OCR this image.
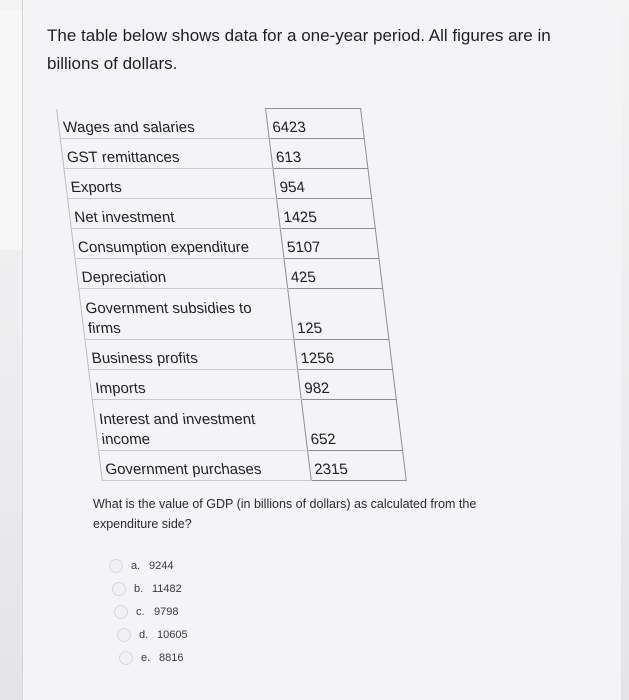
The table below shows data for a one-year period. All figures are in billions of dollars.
Wages and salaries	6423
GST remittances	613
Exports	954
Net investment	1425
Consumption expenditure	5107
Depreciation	425

Government subsidies to firms	125
Business profits	1256
Imports	982

Interest and investment income	652
Government purchases	2315
What is the value of GDP (in billions of dollars) as calculated from the expenditure side?
a. 9244
b. 11482
c. 9798
d. 10605
e. 8816
